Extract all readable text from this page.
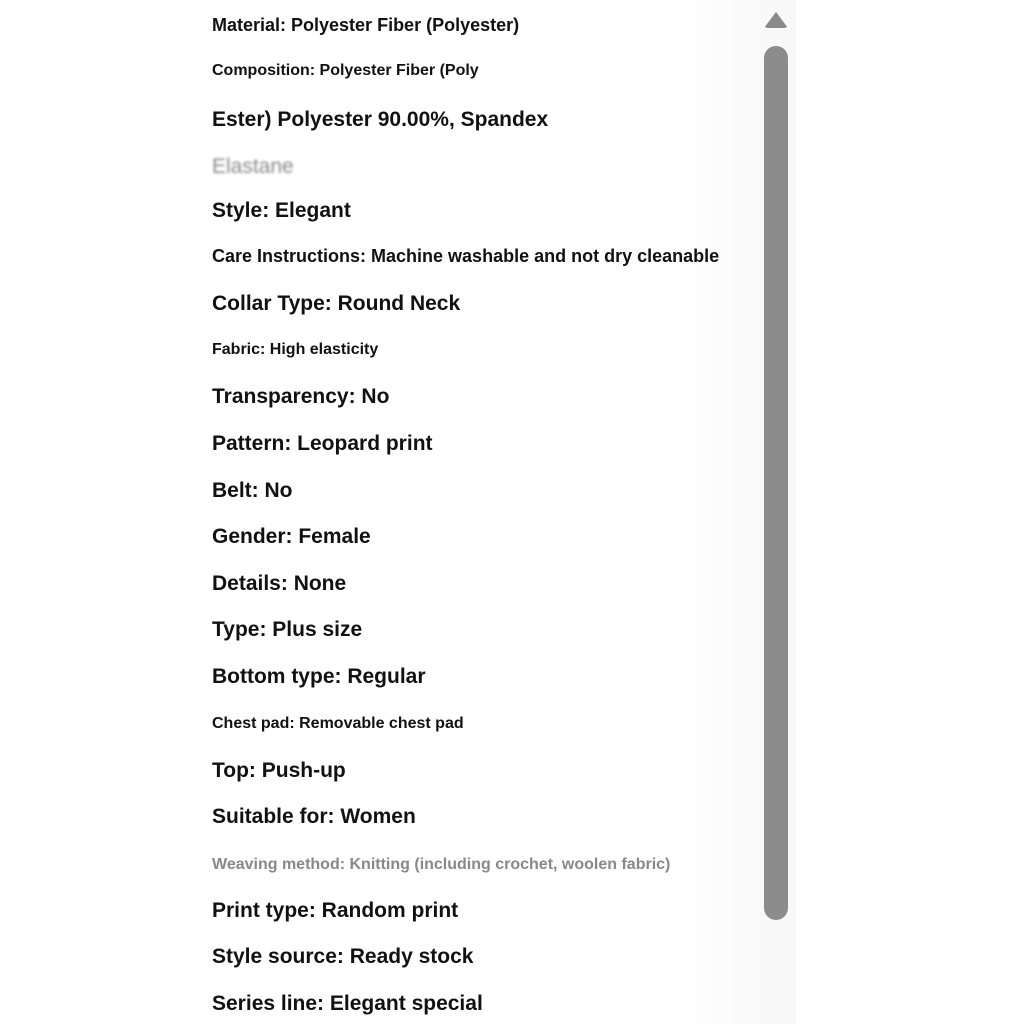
Material: Polyester Fiber (Polyester)
Composition: Polyester Fiber (Poly
Ester) Polyester 90.00%, Spandex
Elastane
Style: Elegant
Care Instructions: Machine washable and not dry cleanable
Collar Type: Round Neck
Fabric: High elasticity
Transparency: No
Pattern: Leopard print
Belt: No
Gender: Female
Details: None
Type: Plus size
Bottom type: Regular
Chest pad: Removable chest pad
Top: Push-up
Suitable for: Women
Weaving method: Knitting (including crochet, woolen fabric)
Print type: Random print
Style source: Ready stock
Series line: Elegant special
